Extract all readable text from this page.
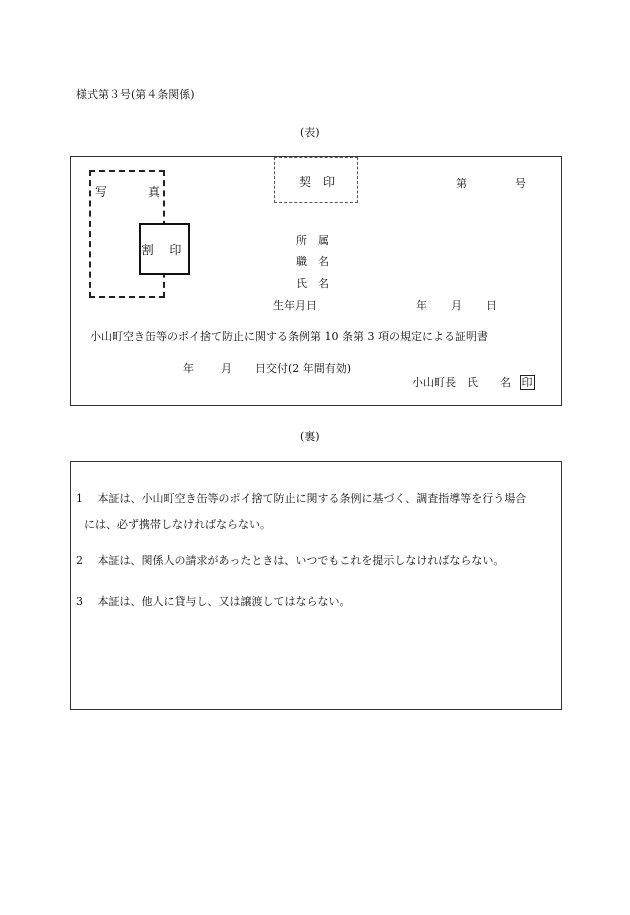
様式第３号(第４条関係)
(表)
写	真
割 印
契　印	第	号
所　属
職　名
氏　名
生年月日	年 月 日
小山町空き缶等のポイ捨て防止に関する条例第 10 条第 3 項の規定による証明書
年 月 日交付(2 年間有効)
小山町長　氏　　名 印
(裏)
1　 本証は、小山町空き缶等のポイ捨て防止に関する条例に基づく、調査指導等を行う場合
には、必ず携帯しなければならない。
2　 本証は、関係人の請求があったときは、いつでもこれを提示しなければならない。
3　 本証は、他人に貸与し、又は譲渡してはならない。
